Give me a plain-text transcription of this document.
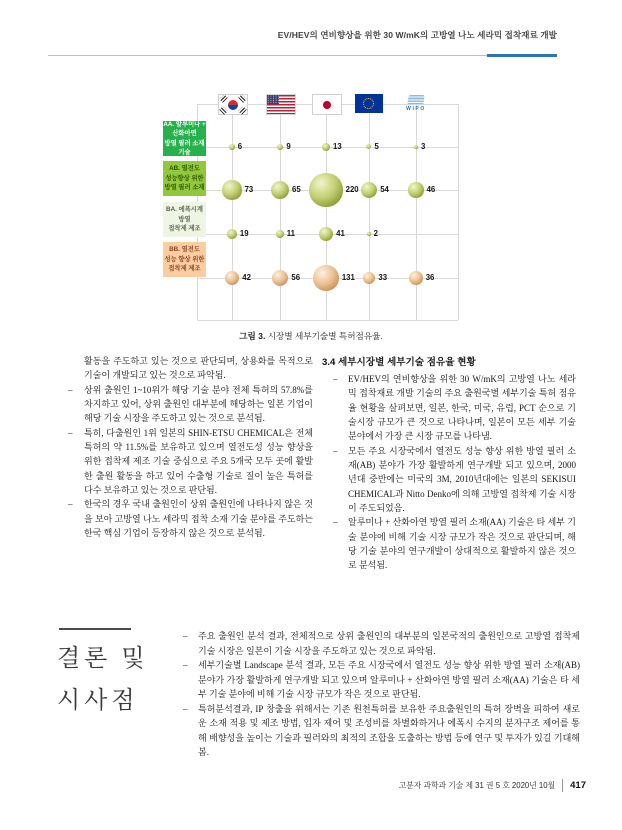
EV/HEV의 연비향상을 위한 30 W/mK의 고방열 나노 세라믹 접착재료 개발
WIPO
AA. 알루미나 +
산화아연
방열 필러 소재 기술
AB. 열전도
성능향상 위한
방열 필러 소재
BA. 에폭시계
방열
접착제 제조
BB. 열전도
성능 향상 위한
접착제 제조
6	9	13	5	3
73	65	220	54	46
19	11	41	2
42	56	131	33	36
그림 3. 시장별 세부기술별 특허점유율.
활동을 주도하고 있는 것으로 판단되며, 상용화를 목적으로 기술이 개발되고 있는 것으로 파악됨.
– 상위 출원인 1~10위가 해당 기술 분야 전체 특허의 57.8%를 차지하고 있어, 상위 출원인 대부분에 해당하는 일본 기업이 해당 기술 시장을 주도하고 있는 것으로 분석됨.
– 특히, 다출원인 1위 일본의 SHIN-ETSU CHEMICAL은 전체 특허의 약 11.5%를 보유하고 있으며 열전도성 성능 향상을 위한 접착제 제조 기술 중심으로 주요 5개국 모두 곳에 활발한 출원 활동을 하고 있어 수출형 기술로 질이 높은 특허를 다수 보유하고 있는 것으로 판단됨.
– 한국의 경우 국내 출원인이 상위 출원인에 나타나지 않은 것을 보아 고방열 나노 세라믹 접착 소재 기술 분야를 주도하는 한국 핵심 기업이 등장하지 않은 것으로 분석됨.
3.4 세부시장별 세부기술 점유율 현황
– EV/HEV의 연비향상을 위한 30 W/mK의 고방열 나노 세라믹 접착재료 개발 기술의 주요 출원국별 세부기술 특허 점유율 현황을 살펴보면, 일본, 한국, 미국, 유럽, PCT 순으로 기술시장 규모가 큰 것으로 나타나며, 일본이 모든 세부 기술 분야에서 가장 큰 시장 규모를 나타냄.
– 모든 주요 시장국에서 열전도 성능 향상 위한 방열 필러 소재(AB) 분야가 가장 활발하게 연구개발 되고 있으며, 2000년대 중반에는 미국의 3M, 2010년대에는 일본의 SEKISUI CHEMICAL과 Nitto Denko에 의해 고방열 접착제 기술 시장이 주도되었음.
– 알루미나 + 산화아연 방열 필러 소재(AA) 기술은 타 세부 기술 분야에 비해 기술 시장 규모가 작은 것으로 판단되며, 해당 기술 분야의 연구개발이 상대적으로 활발하지 않은 것으로 분석됨.
결론 및
시사점
– 주요 출원인 분석 결과, 전체적으로 상위 출원인의 대부분의 일본국적의 출원인으로 고방열 접착제 기술 시장은 일본이 기술 시장을 주도하고 있는 것으로 파악됨.
– 세부기술별 Landscape 분석 결과, 모든 주요 시장국에서 열전도 성능 향상 위한 방열 필러 소재(AB) 분야가 가장 활발하게 연구개발 되고 있으며 알루미나 + 산화아연 방열 필러 소재(AA) 기술은 타 세부 기술 분야에 비해 기술 시장 규모가 작은 것으로 판단됨.
– 특허분석결과, IP 창출을 위해서는 기존 원천특허를 보유한 주요출원인의 특허 장벽을 피하여 새로운 소재 적용 및 제조 방법, 입자 제어 및 조성비를 차별화하거나 에폭시 수지의 분자구조 제어를 통해 배향성을 높이는 기술과 필러와의 최적의 조합을 도출하는 방법 등에 연구 및 투자가 있길 기대해 봄.
고분자 과학과 기술 제 31 권 5 호 2020년 10월 417
